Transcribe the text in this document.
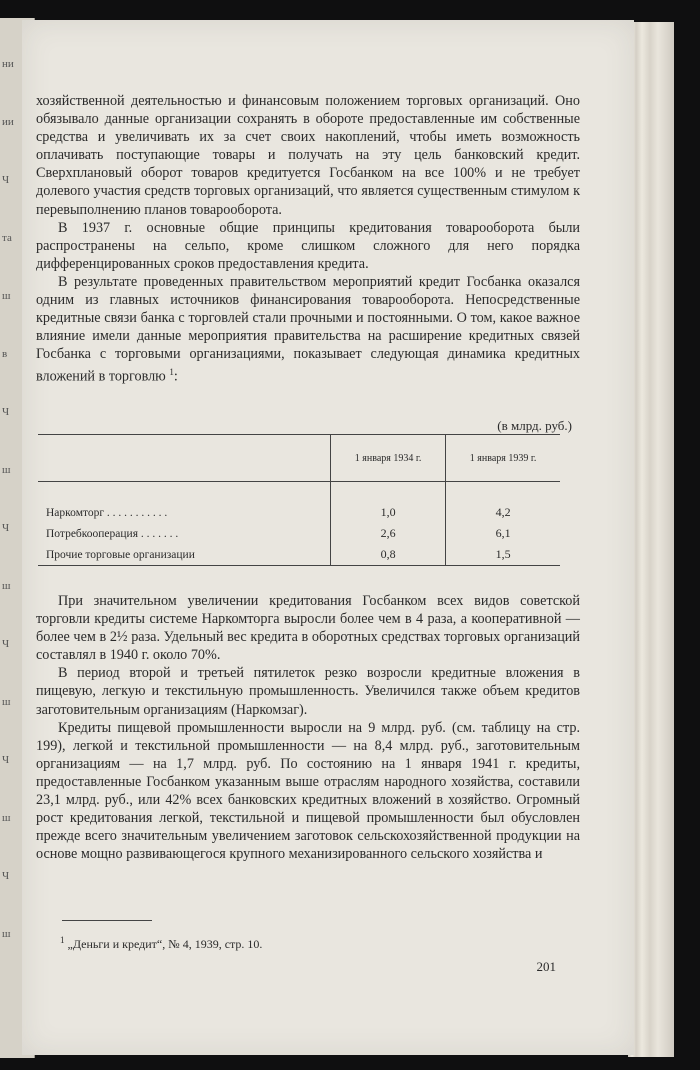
ни
ии
Ч
та
ш
в
Ч
ш
Ч
ш
Ч
ш
Ч
ш
Ч
ш

хозяйственной деятельностью и финансовым положением торговых организаций. Оно обязывало данные организации сохранять в обороте предоставленные им собственные средства и увеличивать их за счет своих накоплений, чтобы иметь возможность оплачивать поступающие товары и получать на эту цель банковский кредит. Сверхплановый оборот товаров кредитуется Госбанком на все 100% и не требует долевого участия средств торговых организаций, что является существенным стимулом к перевыполнению планов товарооборота.

В 1937 г. основные общие принципы кредитования товарооборота были распространены на сельпо, кроме слишком сложного для него порядка дифференцированных сроков предоставления кредита.

В результате проведенных правительством мероприятий кредит Госбанка оказался одним из главных источников финансирования товарооборота. Непосредственные кредитные связи банка с торговлей стали прочными и постоянными. О том, какое важное влияние имели данные мероприятия правительства на расширение кредитных связей Госбанка с торговыми организациями, показывает следующая динамика кредитных вложений в торговлю $^1$:

(в млрд. руб.)
	1 января 1934 г.	1 января 1939 г.

Наркомторг . . . . . . . . . . .	1,0	4,2
Потребкооперация . . . . . . .	2,6	6,1
Прочие торговые организации	0,8	1,5

При значительном увеличении кредитования Госбанком всех видов советской торговли кредиты системе Наркомторга выросли более чем в 4 раза, а кооперативной — более чем в 2½ раза. Удельный вес кредита в оборотных средствах торговых организаций составлял в 1940 г. около 70%.

В период второй и третьей пятилеток резко возросли кредитные вложения в пищевую, легкую и текстильную промышленность. Увеличился также объем кредитов заготовительным организациям (Наркомзаг).

Кредиты пищевой промышленности выросли на 9 млрд. руб. (см. таблицу на стр. 199), легкой и текстильной промышленности — на 8,4 млрд. руб., заготовительным организациям — на 1,7 млрд. руб. По состоянию на 1 января 1941 г. кредиты, предоставленные Госбанком указанным выше отраслям народного хозяйства, составили 23,1 млрд. руб., или 42% всех банковских кредитных вложений в хозяйство. Огромный рост кредитования легкой, текстильной и пищевой промышленности был обусловлен прежде всего значительным увеличением заготовок сельскохозяйственной продукции на основе мощно развивающегося крупного механизированного сельского хозяйства и

$^1$ „Деньги и кредит“, № 4, 1939, стр. 10.
201
